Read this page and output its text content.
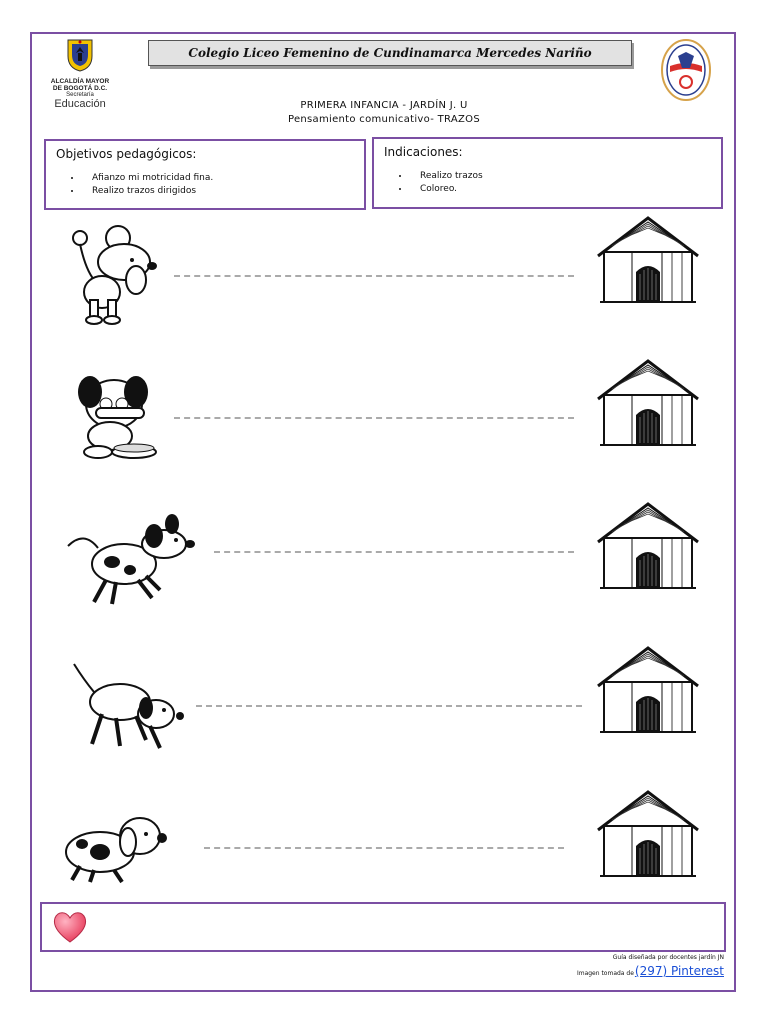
ALCALDÍA MAYOR
DE BOGOTÁ D.C.
Secretaría
Educación
Colegio Liceo Femenino de Cundinamarca Mercedes Nariño
PRIMERA INFANCIA - JARDÍN J. U
Pensamiento comunicativo- TRAZOS
Objetivos pedagógicos:
• Afianzo mi motricidad fina.
• Realizo trazos dirigidos
Indicaciones:
• Realizo trazos
• Coloreo.
Guía diseñada por docentes jardín JN
Imagen tomada de (297) Pinterest
